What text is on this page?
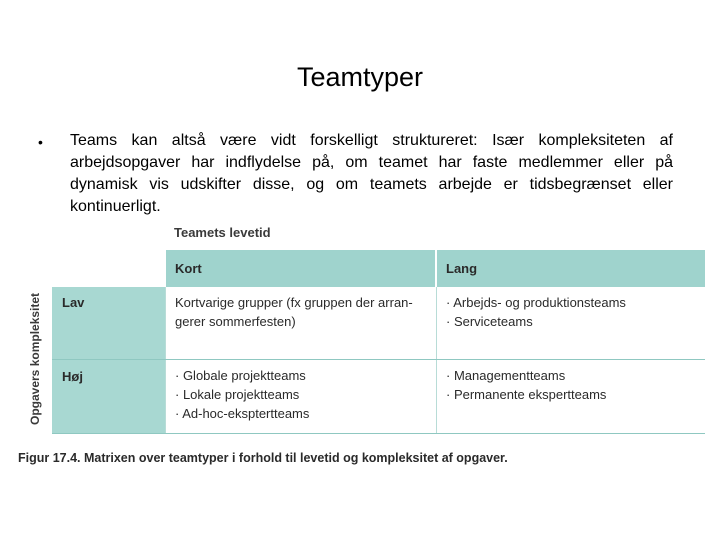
Teamtyper
• Teams kan altså være vidt forskelligt struktureret: Især kompleksiteten af arbejdsopgaver har indflydelse på, om teamet har faste medlemmer eller på dynamisk vis udskifter disse, og om teamets arbejde er tidsbegrænset eller kontinuerligt.
Teamets levetid
Opgavers kompleksitet
Kort	Lang
Lav
Høj
Kortvarige grupper (fx gruppen der arran-
gerer sommerfesten)
· Arbejds- og produktionsteams
· Serviceteams
· Globale projektteams
· Lokale projektteams
· Ad-hoc-eksptertteams
· Managementteams
· Permanente ekspertteams
Figur 17.4. Matrixen over teamtyper i forhold til levetid og kompleksitet af opgaver.
